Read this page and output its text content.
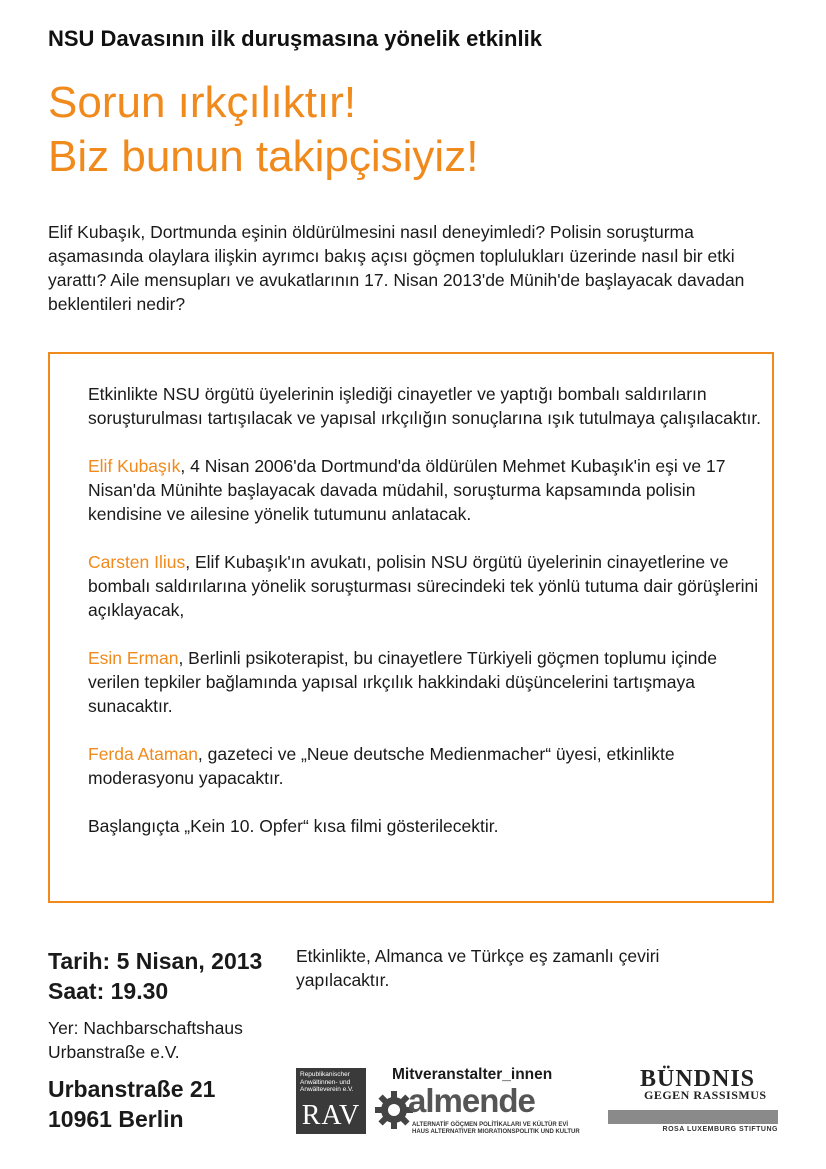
NSU Davasının ilk duruşmasına yönelik etkinlik
Sorun ırkçılıktır!
Biz bunun takipçisiyiz!

Elif Kubaşık, Dortmunda eşinin öldürülmesini nasıl deneyimledi? Polisin soruşturma aşamasında olaylara ilişkin ayrımcı bakış açısı göçmen toplulukları üzerinde nasıl bir etki yarattı? Aile mensupları ve avukatlarının 17. Nisan 2013'de Münih'de başlayacak davadan beklentileri nedir?

Etkinlikte NSU örgütü üyelerinin işlediği cinayetler ve yaptığı bombalı saldırıların soruşturulması tartışılacak ve yapısal ırkçılığın sonuçlarına ışık tutulmaya çalışılacaktır.

Elif Kubaşık, 4 Nisan 2006'da Dortmund'da öldürülen Mehmet Kubaşık'in eşi ve 17 Nisan'da Münihte başlayacak davada müdahil, soruşturma kapsamında polisin kendisine ve ailesine yönelik tutumunu anlatacak.

Carsten Ilius, Elif Kubaşık'ın avukatı, polisin NSU örgütü üyelerinin cinayetlerine ve bombalı saldırılarına yönelik soruşturması sürecindeki tek yönlü tutuma dair görüşlerini açıklayacak,

Esin Erman, Berlinli psikoterapist, bu cinayetlere Türkiyeli göçmen toplumu içinde verilen tepkiler bağlamında yapısal ırkçılık hakkindaki düşüncelerini tartışmaya sunacaktır.

Ferda Ataman, gazeteci ve „Neue deutsche Medienmacher“ üyesi, etkinlikte moderasyonu yapacaktır.

Başlangıçta „Kein 10. Opfer“ kısa filmi gösterilecektir.

Tarih: 5 Nisan, 2013
Saat: 19.30
Yer: Nachbarschaftshaus
Urbanstraße e.V.
Urbanstraße 21
10961 Berlin
Etkinlikte, Almanca ve Türkçe eş zamanlı çeviri yapılacaktır.
Republikanischer Anwältinnen- und Anwälteverein e.V.
RAV
Mitveranstalter_innen
almende
ALTERNATİF GÖÇMEN POLİTİKALARI VE KÜLTÜR EVİ
HAUS ALTERNATIVER MIGRATIONSPOLITIK UND KULTUR
BÜNDNIS
GEGEN RASSISMUS
ROSA LUXEMBURG STIFTUNG
